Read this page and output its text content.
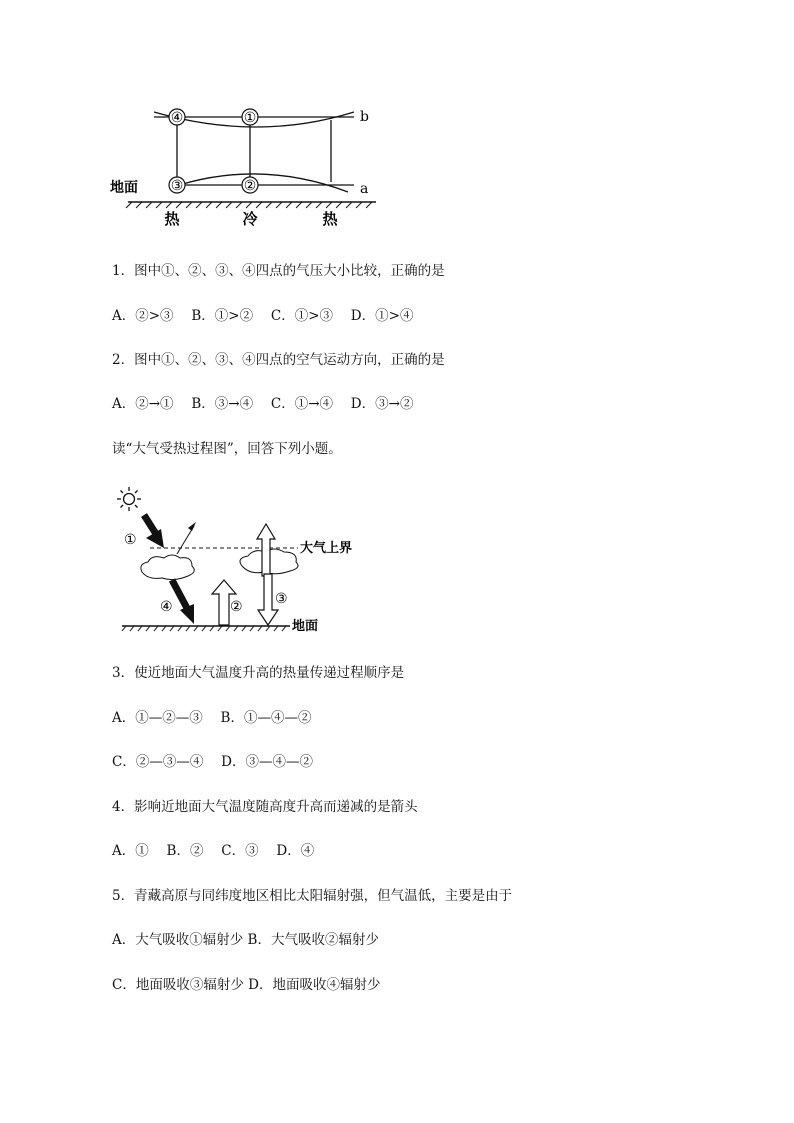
④	①
③	②
b
a
地面
热	冷	热
1．图中①、②、③、④四点的气压大小比较，正确的是
A．②>③　 B．①>②　 C．①>③　 D．①>④
2．图中①、②、③、④四点的空气运动方向，正确的是
A．②→①　 B．③→④　 C．①→④　 D．③→②
读“大气受热过程图”，回答下列小题。
①
④	② ③
大气上界
地面
3．使近地面大气温度升高的热量传递过程顺序是
A．①—②—③　 B．①—④—②
C．②—③—④　 D．③—④—②
4．影响近地面大气温度随高度升高而递减的是箭头
A．①　 B．②　 C．③　 D．④
5．青藏高原与同纬度地区相比太阳辐射强，但气温低，主要是由于
A．大气吸收①辐射少 B．大气吸收②辐射少
C．地面吸收③辐射少 D．地面吸收④辐射少
